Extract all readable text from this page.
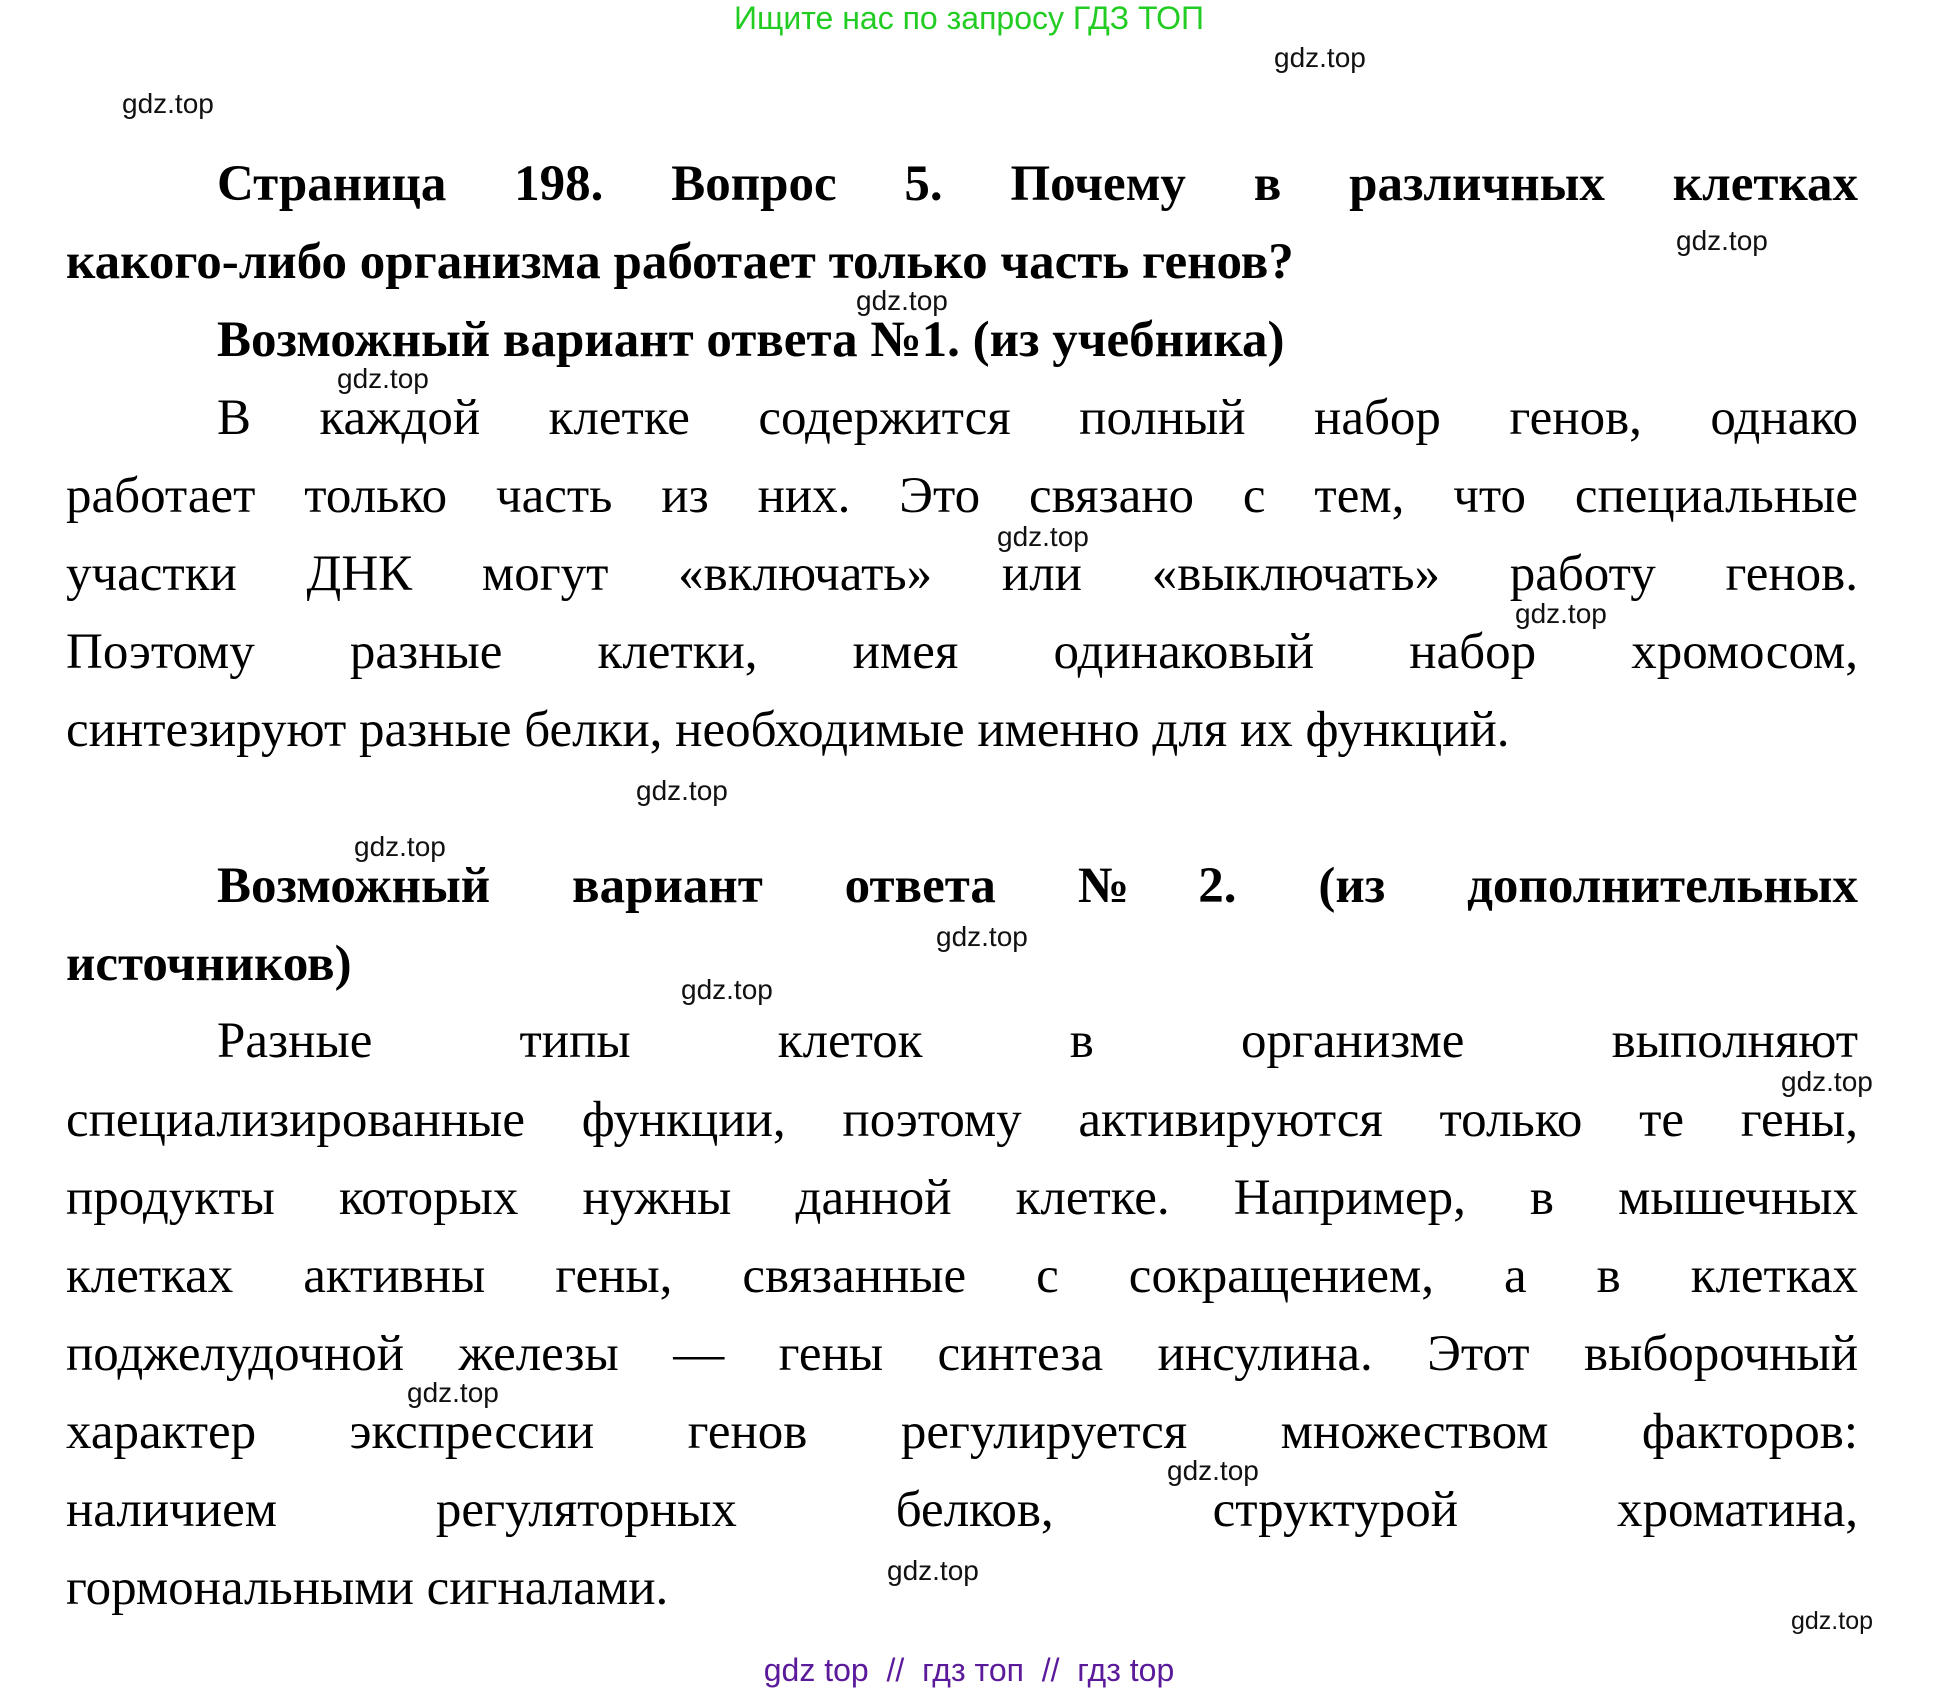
Ищите нас по запросу ГДЗ ТОП
Страница 198. Вопрос 5. Почему в различных клетках
какого-либо организма работает только часть генов?
Возможный вариант ответа №1. (из учебника)
В каждой клетке содержится полный набор генов, однако
работает только часть из них. Это связано с тем, что специальные
участки ДНК могут «включать» или «выключать» работу генов.
Поэтому разные клетки, имея одинаковый набор хромосом,
синтезируют разные белки, необходимые именно для их функций.
Возможный вариант ответа №2. (из дополнительных
источников)
Разные типы клеток в организме выполняют
специализированные функции, поэтому активируются только те гены,
продукты которых нужны данной клетке. Например, в мышечных
клетках активны гены, связанные с сокращением, а в клетках
поджелудочной железы — гены синтеза инсулина. Этот выборочный
характер экспрессии генов регулируется множеством факторов:
наличием регуляторных белков, структурой хроматина,
гормональными сигналами.
gdz.top
gdz.top
gdz.top
gdz.top
gdz.top
gdz.top
gdz.top
gdz.top
gdz.top
gdz.top
gdz.top
gdz.top
gdz.top
gdz.top
gdz.top
gdz.top
gdz top  //  гдз топ  //  гдз top
